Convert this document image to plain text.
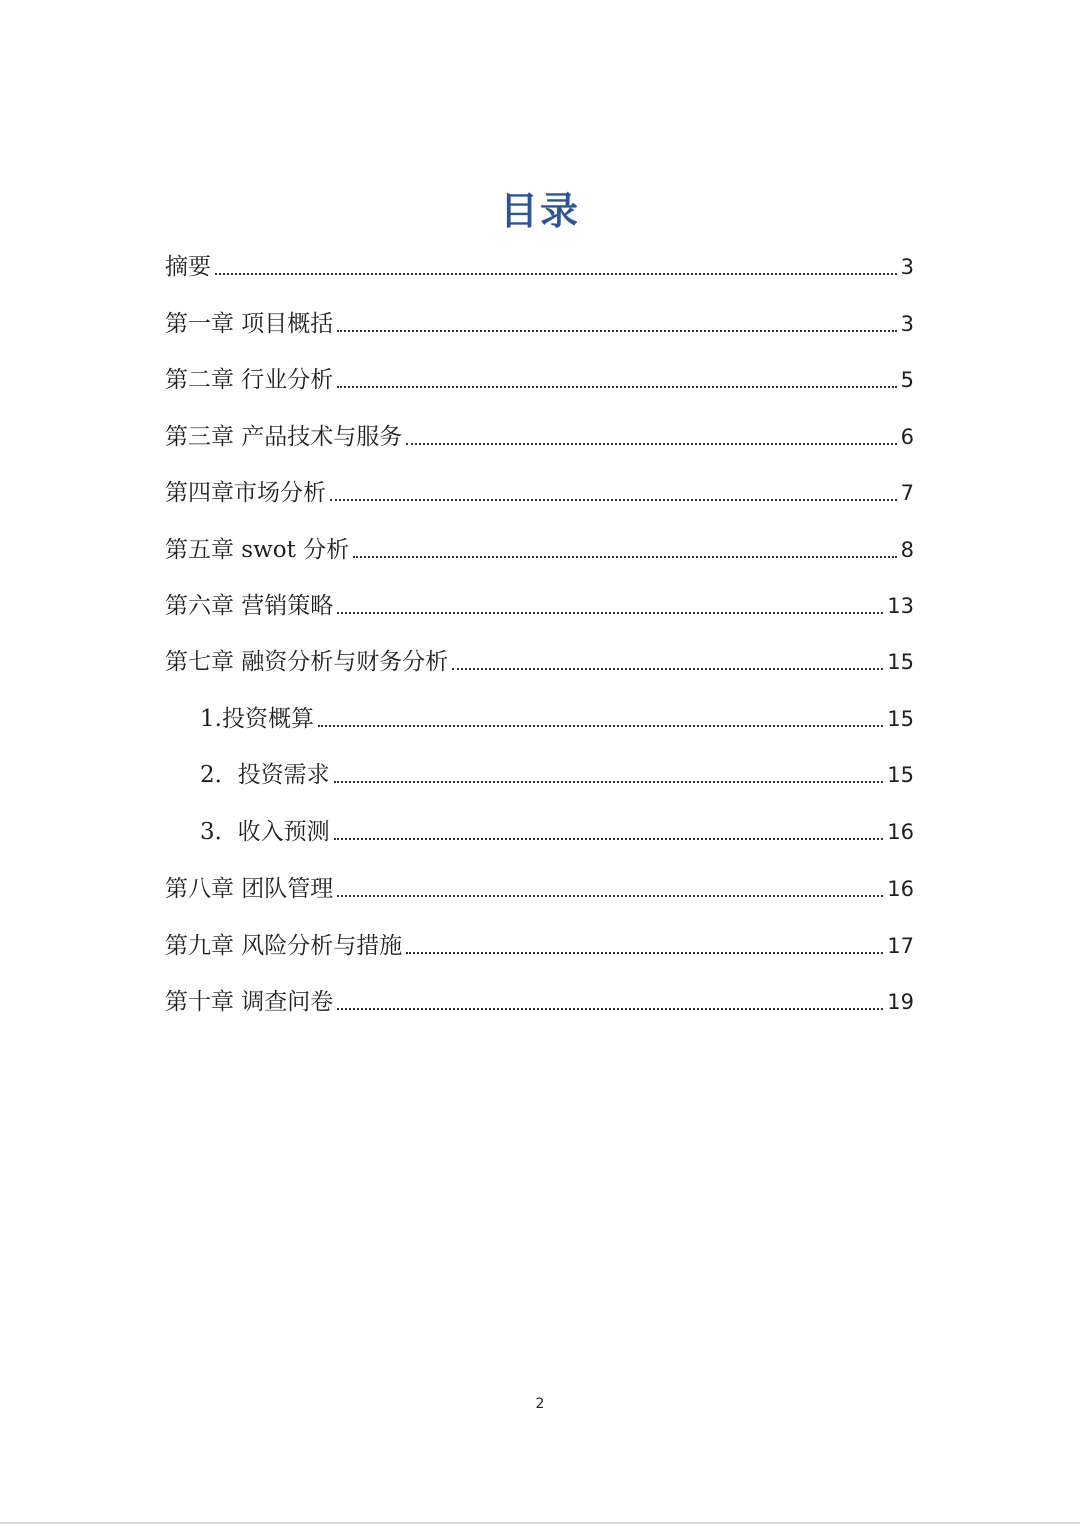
目录
摘要	3
第一章 项目概括	3
第二章 行业分析	5
第三章 产品技术与服务	6
第四章市场分析	7
第五章 swot 分析	8
第六章 营销策略	13
第七章 融资分析与财务分析	15
1.投资概算	15
2．投资需求	15
3．收入预测	16
第八章 团队管理	16
第九章 风险分析与措施	17
第十章 调查问卷	19
2
